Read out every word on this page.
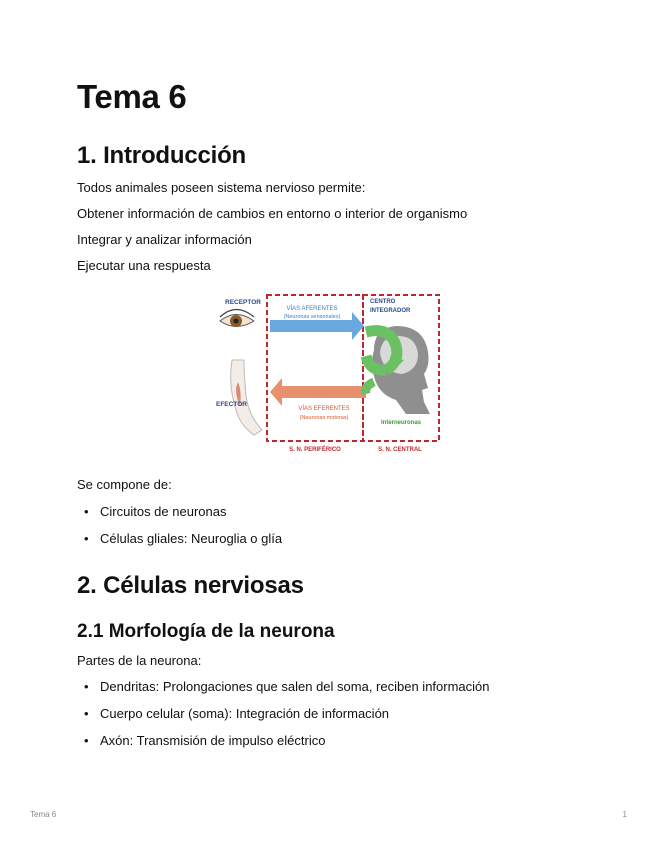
Tema 6
1. Introducción

Todos animales poseen sistema nervioso permite:

Obtener información de cambios en entorno o interior de organismo

Integrar y analizar información

Ejecutar una respuesta

RECEPTOR
EFECTOR
VÍAS AFERENTES
(Neuronas sensoriales)
VÍAS EFERENTES
(Neuronas motoras)
CENTRO
INTEGRADOR
Interneuronas
S. N. PERIFÉRICO	S. N. CENTRAL

Se compone de:

• Circuitos de neuronas
• Células gliales: Neuroglia o glía
2. Células nerviosas
2.1 Morfología de la neurona

Partes de la neurona:

• Dendritas: Prolongaciones que salen del soma, reciben información
• Cuerpo celular (soma): Integración de información
• Axón: Transmisión de impulso eléctrico
Tema 6	1
